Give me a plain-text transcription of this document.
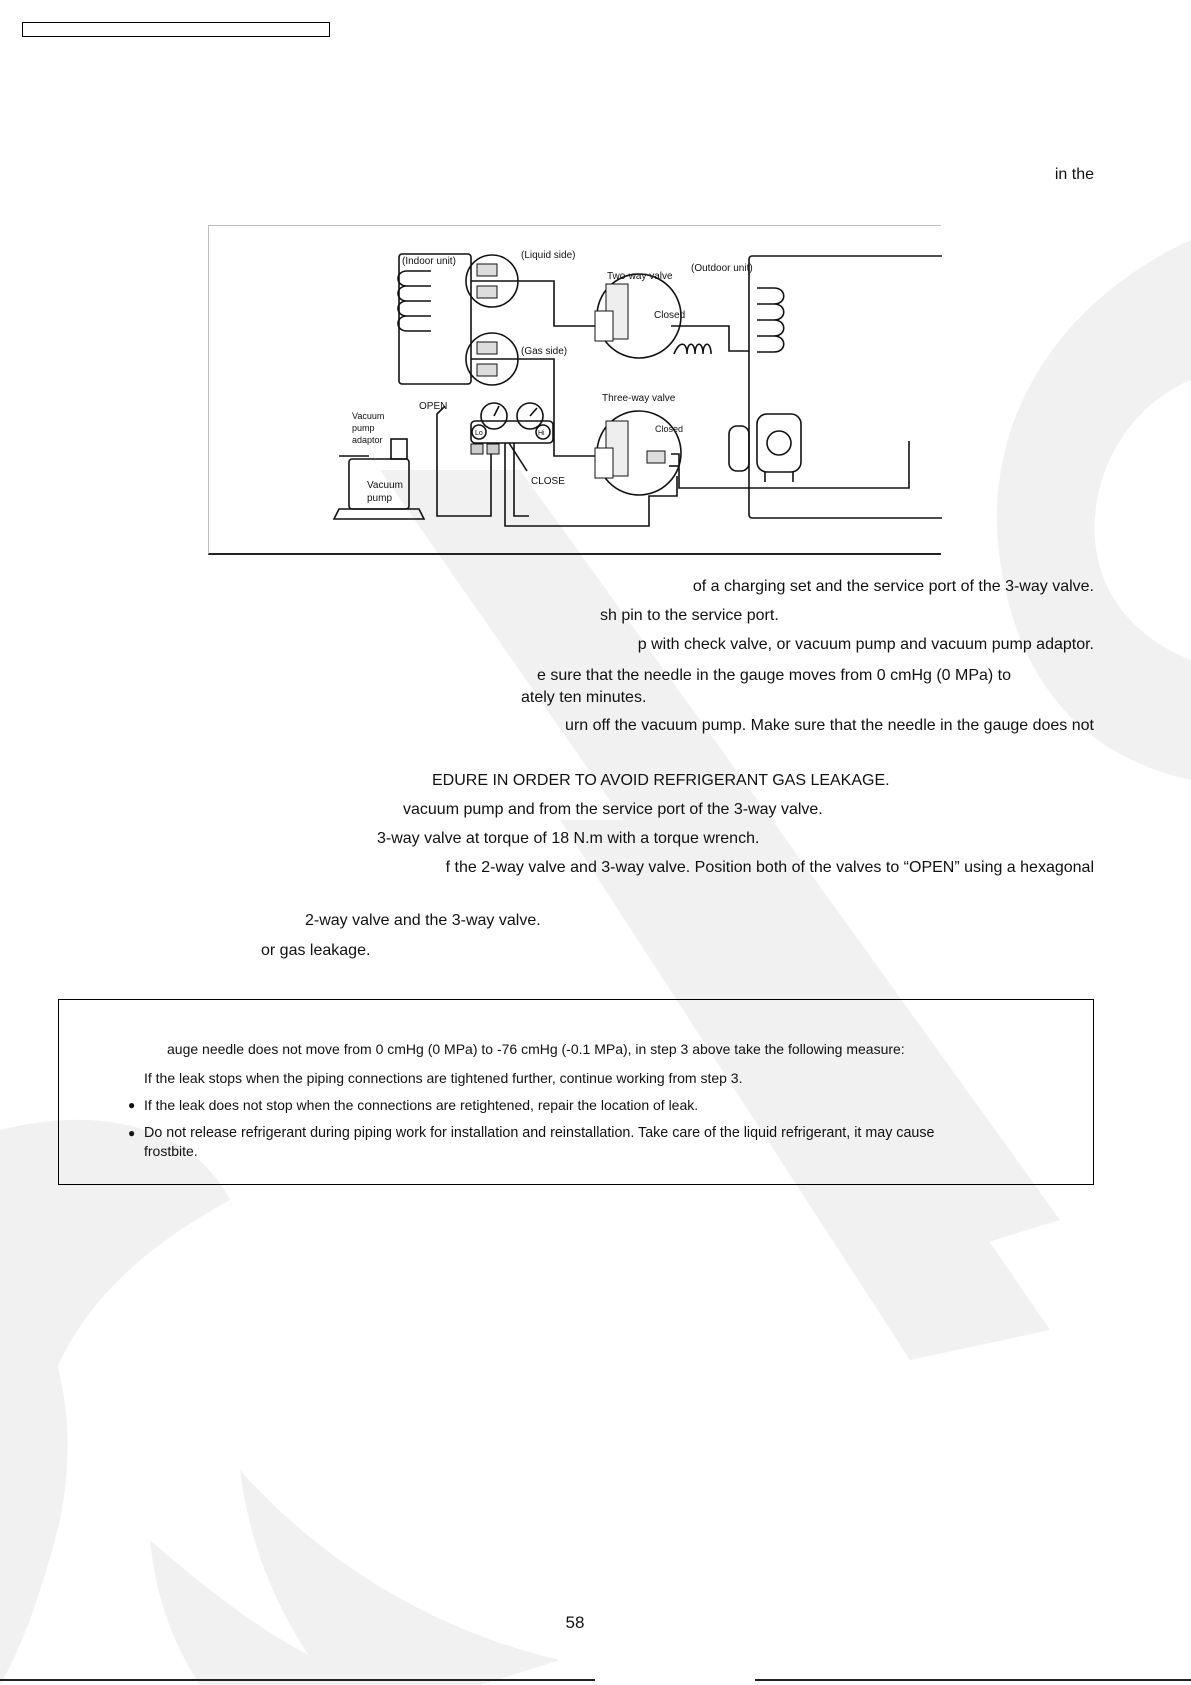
in the
(Indoor unit)
(Liquid side)
Two-way valve
(Outdoor unit)
Closed
(Gas side)
Three-way valve
Closed
OPEN
CLOSE
Lo	Hi
Vacuum
pump
adaptor
Vacuum
pump
of a charging set and the service port of the 3-way valve.
sh pin to the service port.
p with check valve, or vacuum pump and vacuum pump adaptor.
e sure that the needle in the gauge moves from 0 cmHg (0 MPa) to
ately ten minutes.
urn off the vacuum pump. Make sure that the needle in the gauge does not
EDURE IN ORDER TO AVOID REFRIGERANT GAS LEAKAGE.
vacuum pump and from the service port of the 3-way valve.
3-way valve at torque of 18 N.m with a torque wrench.
f the 2-way valve and 3-way valve. Position both of the valves to “OPEN” using a hexagonal
2-way valve and the 3-way valve.
or gas leakage.
auge needle does not move from 0 cmHg (0 MPa) to -76 cmHg (-0.1 MPa), in step 3 above take the following measure:
If the leak stops when the piping connections are tightened further, continue working from step 3.
● If the leak does not stop when the connections are retightened, repair the location of leak.
● Do not release refrigerant during piping work for installation and reinstallation. Take care of the liquid refrigerant, it may cause
frostbite.
58
